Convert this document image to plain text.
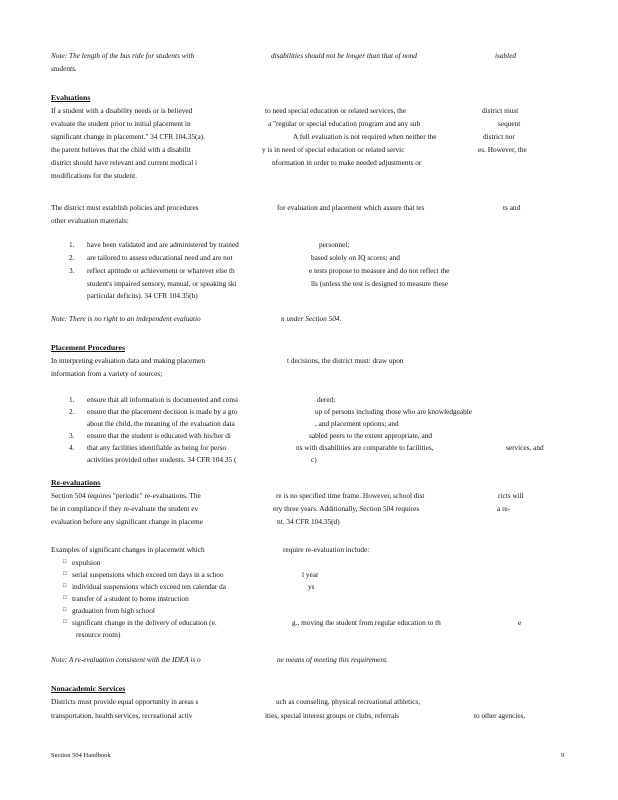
Note: The length of the bus ride for students with	disabilities should not be longer than that of nond	isabled
students.
Evaluations
If a student with a disability needs or is believed	to need special education or related services, the	district must
evaluate the student prior to initial placement in	a "regular or special education program and any sub	sequent
significant change in placement." 34 CFR 104.35(a).	A full evaluation is not required when neither the	district nor
the parent believes that the child with a disabilit	y is in need of special education or related servic	es. However, the
district should have relevant and current medical i	nformation in order to make needed adjustments or
modifications for the student.
The district must establish policies and procedures	for evaluation and placement which assure that tes	ts and
other evaluation materials:
1. have been validated and are administered by trained	personnel;
2. are tailored to assess educational need and are not	based solely on IQ scores; and
3. reflect aptitude or achievement or whatever else th	e tests propose to measure and do not reflect the
student's impaired sensory, manual, or speaking ski	lls (unless the test is designed to measure these
particular deficits). 34 CFR 104.35(b)
Note: There is no right to an independent evaluatio	n under Section 504.
Placement Procedures
In interpreting evaluation data and making placemen	t decisions, the district must: draw upon
information from a variety of sources;
1. ensure that all information is documented and consi	dered;
2. ensure that the placement decision is made by a gro	up of persons including those who are knowledgeable
about the child, the meaning of the evaluation data	, and placement options; and
3. ensure that the student is educated with his/her di	sabled peers to the extent appropriate, and
4. that any facilities identifiable as being for perso	ns with disabilities are comparable to facilities,	services, and
activities provided other students. 34 CFR 104.35 (	c)
Re-evaluations
Section 504 requires "periodic" re-evaluations. The	re is no specified time frame. However, school dist	ricts will
be in compliance if they re-evaluate the student ev	ery three years. Additionally, Section 504 requires	a re-
evaluation before any significant change in placeme	nt. 34 CFR 104.35(d)
Examples of significant changes in placement which	require re-evaluation include:
□ expulsion
□ serial suspensions which exceed ten days in a schoo	l year
□ individual suspensions which exceed ten calendar da	ys
□ transfer of a student to home instruction
□ graduation from high school
□ significant change in the delivery of education (e.	g., moving the student from regular education to th	e
resource room)
Note: A re-evaluation consistent with the IDEA is o	ne means of meeting this requirement.
Nonacademic Services
Districts must provide equal opportunity in areas s	uch as counseling, physical recreational athletics,
transportation, health services, recreational activ	ities, special interest groups or clubs, referrals	to other agencies,
Section 504 Handbook	9
